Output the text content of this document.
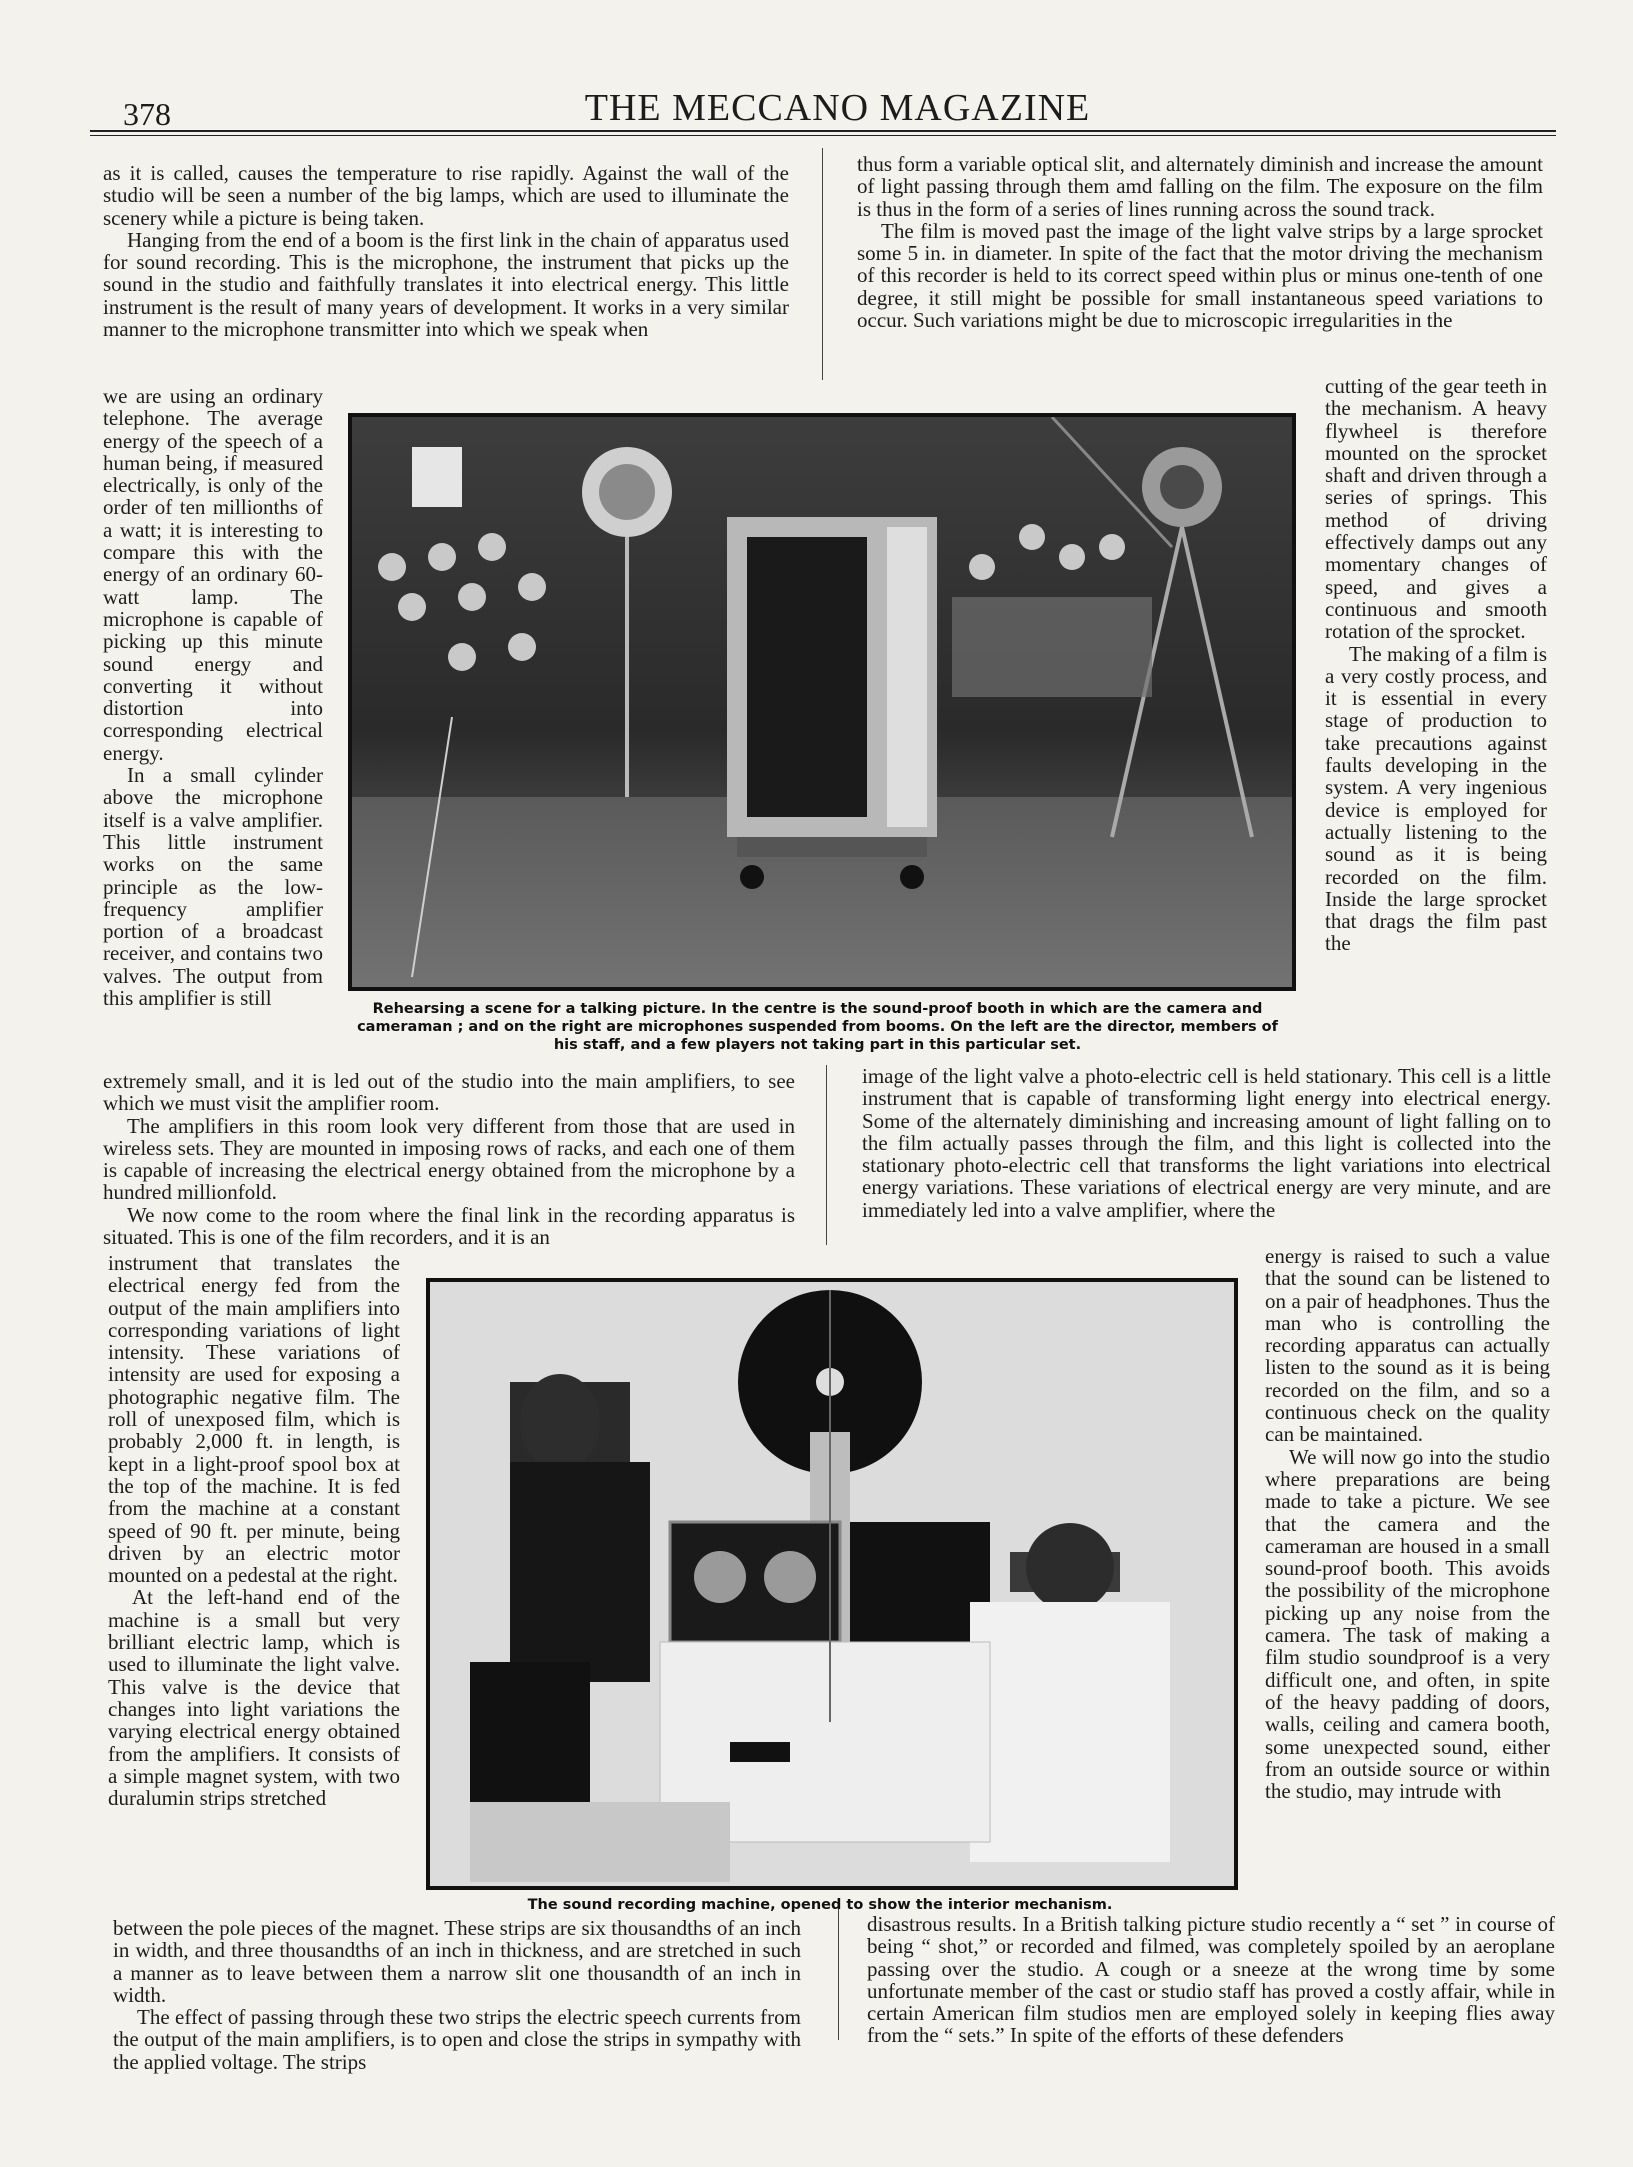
378	THE MECCANO MAGAZINE

as it is called, causes the temperature to rise rapidly. Against the wall of the studio will be seen a number of the big lamps, which are used to illuminate the scenery while a picture is being taken.

Hanging from the end of a boom is the first link in the chain of apparatus used for sound recording. This is the microphone, the instrument that picks up the sound in the studio and faithfully translates it into electrical energy. This little instrument is the result of many years of development. It works in a very similar manner to the microphone transmitter into which we speak when

thus form a variable optical slit, and alternately diminish and increase the amount of light passing through them amd falling on the film. The exposure on the film is thus in the form of a series of lines running across the sound track.

The film is moved past the image of the light valve strips by a large sprocket some 5 in. in diameter. In spite of the fact that the motor driving the mechanism of this recorder is held to its correct speed within plus or minus one-tenth of one degree, it still might be possible for small instantaneous speed variations to occur. Such variations might be due to microscopic irregularities in the

we are using an ordinary telephone. The average energy of the speech of a human being, if measured electrically, is only of the order of ten millionths of a watt; it is interesting to compare this with the energy of an ordinary 60-watt lamp. The microphone is capable of picking up this minute sound energy and converting it without distortion into corresponding electrical energy.

In a small cylinder above the microphone itself is a valve amplifier. This little instrument works on the same principle as the low-frequency amplifier portion of a broadcast receiver, and contains two valves. The output from this amplifier is still	Rehearsing a scene for a talking picture. In the centre is the sound-proof booth in which are the camera and cameraman ; and on the right are microphones suspended from booms. On the left are the director, members of his staff, and a few players not taking part in this particular set.

cutting of the gear teeth in the mechanism. A heavy flywheel is therefore mounted on the sprocket shaft and driven through a series of springs. This method of driving effectively damps out any momentary changes of speed, and gives a continuous and smooth rotation of the sprocket.

The making of a film is a very costly process, and it is essential in every stage of production to take precautions against faults developing in the system. A very ingenious device is employed for actually listening to the sound as it is being recorded on the film. Inside the large sprocket that drags the film past the

extremely small, and it is led out of the studio into the main amplifiers, to see which we must visit the amplifier room.

The amplifiers in this room look very different from those that are used in wireless sets. They are mounted in imposing rows of racks, and each one of them is capable of increasing the electrical energy obtained from the microphone by a hundred millionfold.

We now come to the room where the final link in the recording apparatus is situated. This is one of the film recorders, and it is an

image of the light valve a photo-electric cell is held stationary. This cell is a little instrument that is capable of transforming light energy into electrical energy. Some of the alternately diminishing and increasing amount of light falling on to the film actually passes through the film, and this light is collected into the stationary photo-electric cell that transforms the light variations into electrical energy variations. These variations of electrical energy are very minute, and are immediately led into a valve amplifier, where the

instrument that translates the electrical energy fed from the output of the main amplifiers into corresponding variations of light intensity. These variations of intensity are used for exposing a photographic negative film. The roll of unexposed film, which is probably 2,000 ft. in length, is kept in a light-proof spool box at the top of the machine. It is fed from the machine at a constant speed of 90 ft. per minute, being driven by an electric motor mounted on a pedestal at the right.

At the left-hand end of the machine is a small but very brilliant electric lamp, which is used to illuminate the light valve. This valve is the device that changes into light variations the varying electrical energy obtained from the amplifiers. It consists of a simple magnet system, with two duralumin strips stretched

The sound recording machine, opened to show the interior mechanism.

energy is raised to such a value that the sound can be listened to on a pair of headphones. Thus the man who is controlling the recording apparatus can actually listen to the sound as it is being recorded on the film, and so a continuous check on the quality can be maintained.

We will now go into the studio where preparations are being made to take a picture. We see that the camera and the cameraman are housed in a small sound-proof booth. This avoids the possibility of the microphone picking up any noise from the camera. The task of making a film studio soundproof is a very difficult one, and often, in spite of the heavy padding of doors, walls, ceiling and camera booth, some unexpected sound, either from an outside source or within the studio, may intrude with

between the pole pieces of the magnet. These strips are six thousandths of an inch in width, and three thousandths of an inch in thickness, and are stretched in such a manner as to leave between them a narrow slit one thousandth of an inch in width.

The effect of passing through these two strips the electric speech currents from the output of the main amplifiers, is to open and close the strips in sympathy with the applied voltage. The strips

disastrous results. In a British talking picture studio recently a “ set ” in course of being “ shot,” or recorded and filmed, was completely spoiled by an aeroplane passing over the studio. A cough or a sneeze at the wrong time by some unfortunate member of the cast or studio staff has proved a costly affair, while in certain American film studios men are employed solely in keeping flies away from the “ sets.” In spite of the efforts of these defenders
